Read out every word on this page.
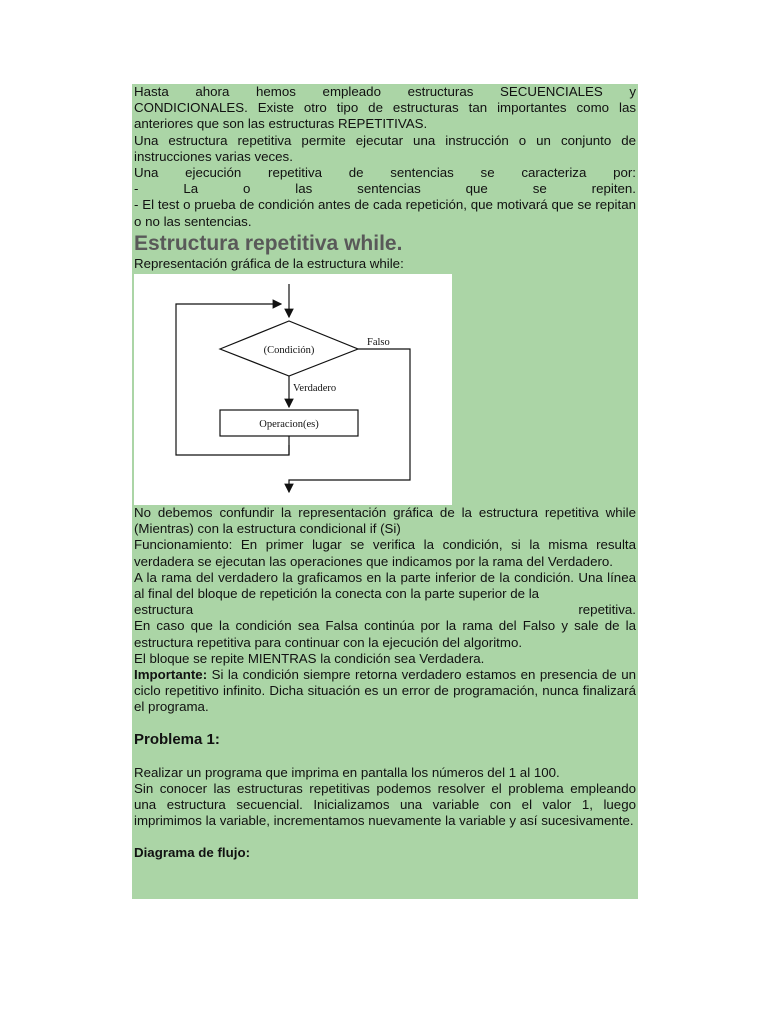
Hasta ahora hemos empleado estructuras SECUENCIALES y

CONDICIONALES. Existe otro tipo de estructuras tan importantes como las anteriores que son las estructuras REPETITIVAS.

Una estructura repetitiva permite ejecutar una instrucción o un conjunto de instrucciones varias veces.

Una ejecución repetitiva de sentencias se caracteriza por:

- La o las sentencias que se repiten.

- El test o prueba de condición antes de cada repetición, que motivará que se repitan o no las sentencias.

Estructura repetitiva while.

Representación gráfica de la estructura while:

(Condición)
Falso
Verdadero
Operacion(es)

No debemos confundir la representación gráfica de la estructura repetitiva while (Mientras) con la estructura condicional if (Si)

Funcionamiento: En primer lugar se verifica la condición, si la misma resulta verdadera se ejecutan las operaciones que indicamos por la rama del Verdadero.

A la rama del verdadero la graficamos en la parte inferior de la condición. Una línea al final del bloque de repetición la conecta con la parte superior de la

estructura repetitiva.

En caso que la condición sea Falsa continúa por la rama del Falso y sale de la estructura repetitiva para continuar con la ejecución del algoritmo.

El bloque se repite MIENTRAS la condición sea Verdadera.

Importante: Si la condición siempre retorna verdadero estamos en presencia de un ciclo repetitivo infinito. Dicha situación es un error de programación, nunca finalizará el programa.

Problema 1:

Realizar un programa que imprima en pantalla los números del 1 al 100.

Sin conocer las estructuras repetitivas podemos resolver el problema empleando una estructura secuencial. Inicializamos una variable con el valor 1, luego imprimimos la variable, incrementamos nuevamente la variable y así sucesivamente.

Diagrama de flujo:
